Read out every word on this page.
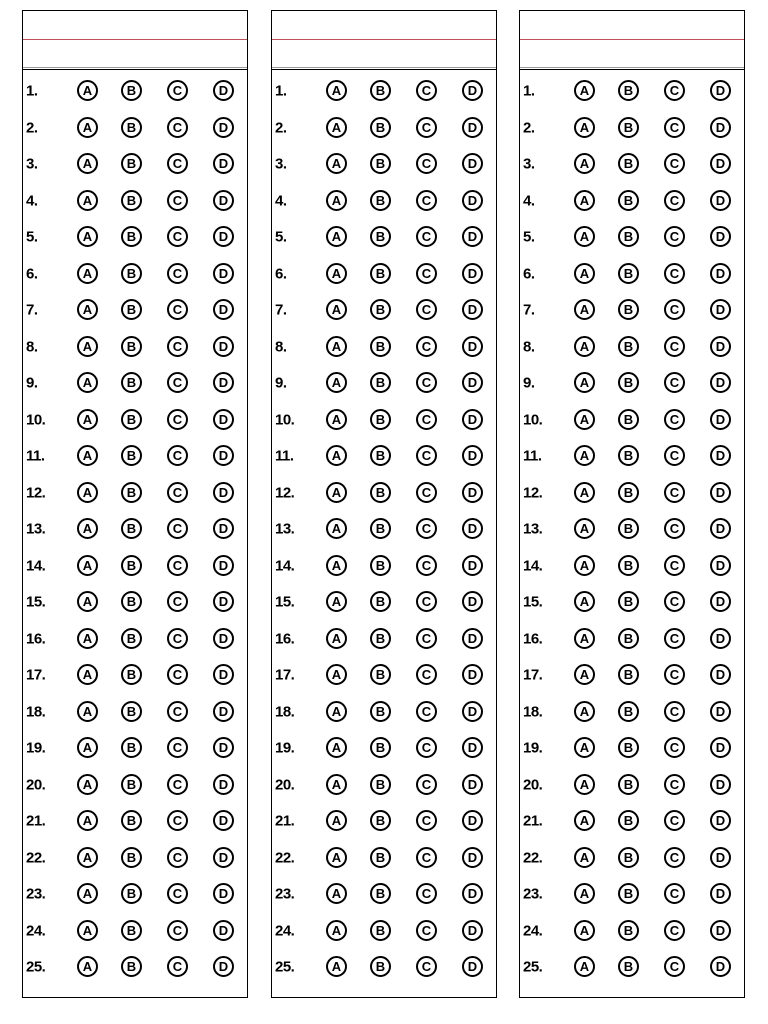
1.	A	B	C	D
2.	A	B	C	D
3.	A	B	C	D
4.	A	B	C	D
5.	A	B	C	D
6.	A	B	C	D
7.	A	B	C	D
8.	A	B	C	D
9.	A	B	C	D
10.	A	B	C	D
11.	A	B	C	D
12.	A	B	C	D
13.	A	B	C	D
14.	A	B	C	D
15.	A	B	C	D
16.	A	B	C	D
17.	A	B	C	D
18.	A	B	C	D
19.	A	B	C	D
20.	A	B	C	D
21.	A	B	C	D
22.	A	B	C	D
23.	A	B	C	D
24.	A	B	C	D
25.	A	B	C	D
1.	A	B	C	D
2.	A	B	C	D
3.	A	B	C	D
4.	A	B	C	D
5.	A	B	C	D
6.	A	B	C	D
7.	A	B	C	D
8.	A	B	C	D
9.	A	B	C	D
10.	A	B	C	D
11.	A	B	C	D
12.	A	B	C	D
13.	A	B	C	D
14.	A	B	C	D
15.	A	B	C	D
16.	A	B	C	D
17.	A	B	C	D
18.	A	B	C	D
19.	A	B	C	D
20.	A	B	C	D
21.	A	B	C	D
22.	A	B	C	D
23.	A	B	C	D
24.	A	B	C	D
25.	A	B	C	D
1.	A	B	C	D
2.	A	B	C	D
3.	A	B	C	D
4.	A	B	C	D
5.	A	B	C	D
6.	A	B	C	D
7.	A	B	C	D
8.	A	B	C	D
9.	A	B	C	D
10.	A	B	C	D
11.	A	B	C	D
12.	A	B	C	D
13.	A	B	C	D
14.	A	B	C	D
15.	A	B	C	D
16.	A	B	C	D
17.	A	B	C	D
18.	A	B	C	D
19.	A	B	C	D
20.	A	B	C	D
21.	A	B	C	D
22.	A	B	C	D
23.	A	B	C	D
24.	A	B	C	D
25.	A	B	C	D
